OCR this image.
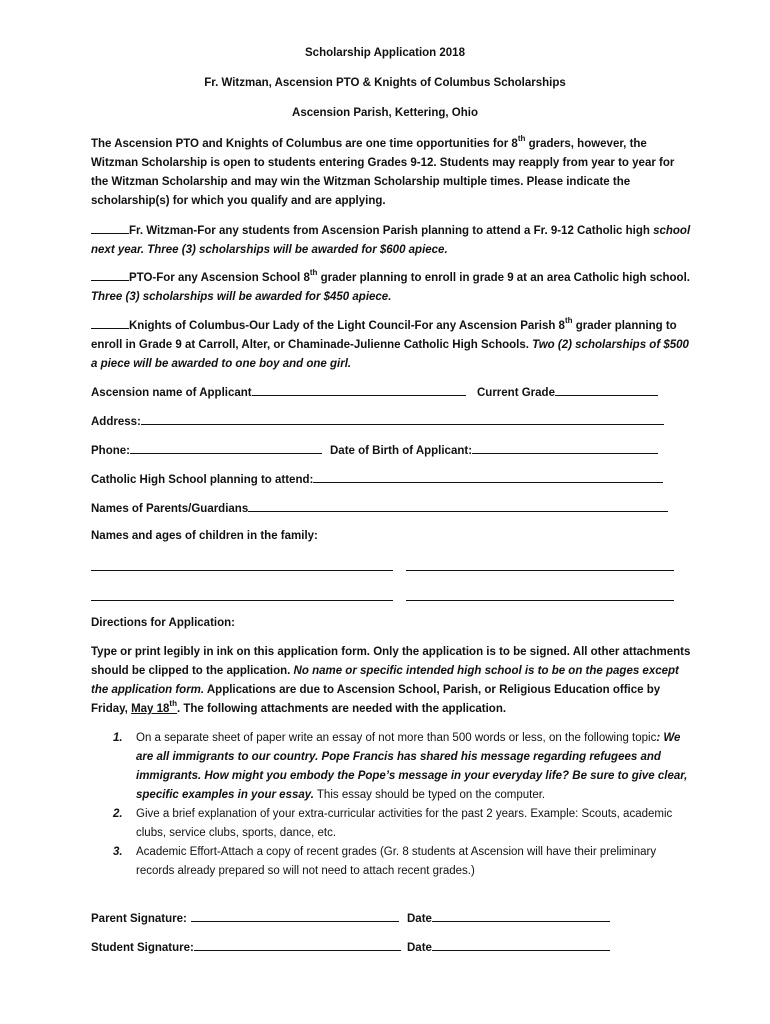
Scholarship Application 2018
Fr. Witzman, Ascension PTO & Knights of Columbus Scholarships
Ascension Parish, Kettering, Ohio
The Ascension PTO and Knights of Columbus are one time opportunities for 8th graders, however, the Witzman Scholarship is open to students entering Grades 9-12. Students may reapply from year to year for the Witzman Scholarship and may win the Witzman Scholarship multiple times. Please indicate the scholarship(s) for which you qualify and are applying.
Fr. Witzman-For any students from Ascension Parish planning to attend a Fr. 9-12 Catholic high school next year. Three (3) scholarships will be awarded for $600 apiece.
PTO-For any Ascension School 8th grader planning to enroll in grade 9 at an area Catholic high school. Three (3) scholarships will be awarded for $450 apiece.
Knights of Columbus-Our Lady of the Light Council-For any Ascension Parish 8th grader planning to enroll in Grade 9 at Carroll, Alter, or Chaminade-Julienne Catholic High Schools. Two (2) scholarships of $500 a piece will be awarded to one boy and one girl.
Ascension name of Applicant	Current Grade
Address:
Phone:	Date of Birth of Applicant:
Catholic High School planning to attend:
Names of Parents/Guardians
Names and ages of children in the family:
Directions for Application:
Type or print legibly in ink on this application form. Only the application is to be signed. All other attachments should be clipped to the application. No name or specific intended high school is to be on the pages except the application form. Applications are due to Ascension School, Parish, or Religious Education office by Friday, May 18th. The following attachments are needed with the application.
1. On a separate sheet of paper write an essay of not more than 500 words or less, on the following topic: We are all immigrants to our country. Pope Francis has shared his message regarding refugees and immigrants. How might you embody the Pope’s message in your everyday life? Be sure to give clear, specific examples in your essay. This essay should be typed on the computer.
2. Give a brief explanation of your extra-curricular activities for the past 2 years. Example: Scouts, academic clubs, service clubs, sports, dance, etc.
3. Academic Effort-Attach a copy of recent grades (Gr. 8 students at Ascension will have their preliminary records already prepared so will not need to attach recent grades.)
Parent Signature:	Date
Student Signature:	Date
